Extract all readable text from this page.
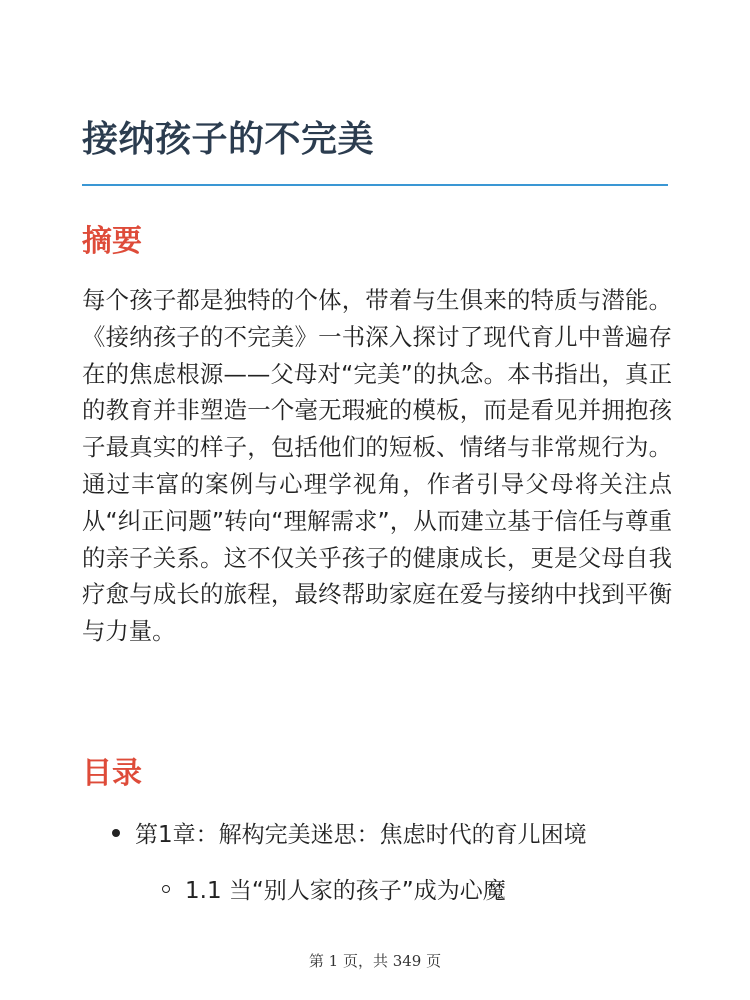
接纳孩子的不完美
摘要

每个孩子都是独特的个体，带着与生俱来的特质与潜能。《接纳孩子的不完美》一书深入探讨了现代育儿中普遍存在的焦虑根源——父母对“完美”的执念。本书指出，真正的教育并非塑造一个毫无瑕疵的模板，而是看见并拥抱孩子最真实的样子，包括他们的短板、情绪与非常规行为。通过丰富的案例与心理学视角，作者引导父母将关注点从“纠正问题”转向“理解需求”，从而建立基于信任与尊重的亲子关系。这不仅关乎孩子的健康成长，更是父母自我疗愈与成长的旅程，最终帮助家庭在爱与接纳中找到平衡与力量。

目录
第1章：解构完美迷思：焦虑时代的育儿困境
1.1 当“别人家的孩子”成为心魔
第 1 页，共 349 页
